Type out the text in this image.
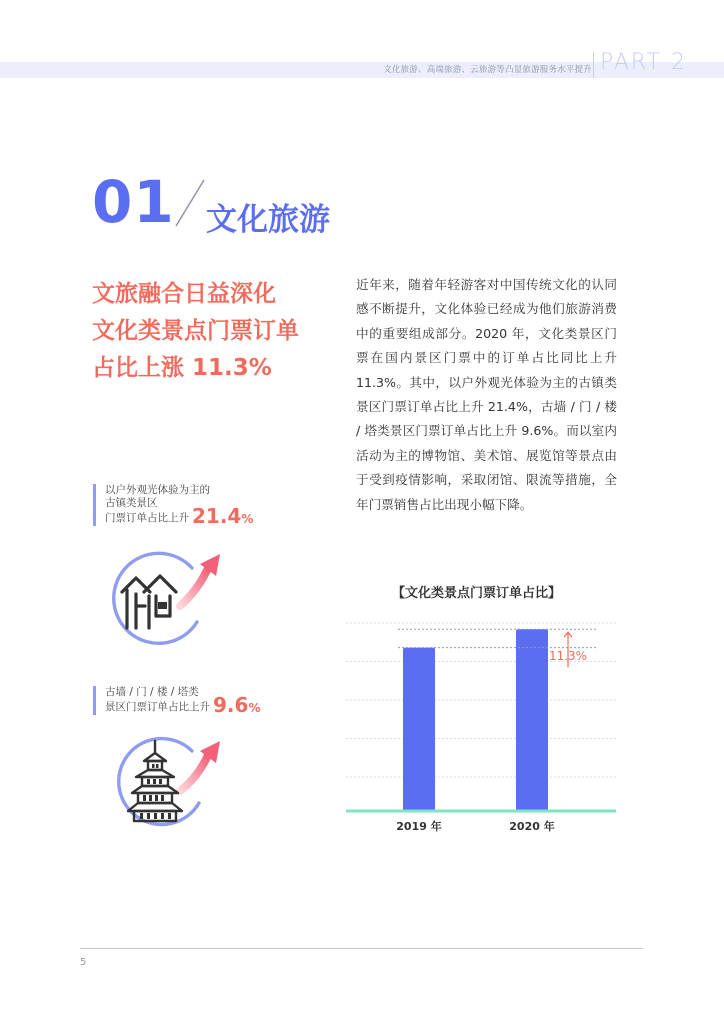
文化旅游、高端旅游、云旅游等凸显旅游服务水平提升 PART 2
01 文化旅游
文旅融合日益深化
文化类景点门票订单
占比上涨 11.3%
近年来，随着年轻游客对中国传统文化的认同感不断提升，文化体验已经成为他们旅游消费中的重要组成部分。2020 年，文化类景区门票在国内景区门票中的订单占比同比上升 11.3%。其中，以户外观光体验为主的古镇类景区门票订单占比上升 21.4%，古墙 / 门 / 楼 / 塔类景区门票订单占比上升 9.6%。而以室内活动为主的博物馆、美术馆、展览馆等景点由于受到疫情影响，采取闭馆、限流等措施，全年门票销售占比出现小幅下降。
以户外观光体验为主的
古镇类景区
门票订单占比上升 21.4%
古墙 / 门 / 楼 / 塔类
景区门票订单占比上升 9.6%
【文化类景点门票订单占比】
2019 年	2020 年
11.3%
5
